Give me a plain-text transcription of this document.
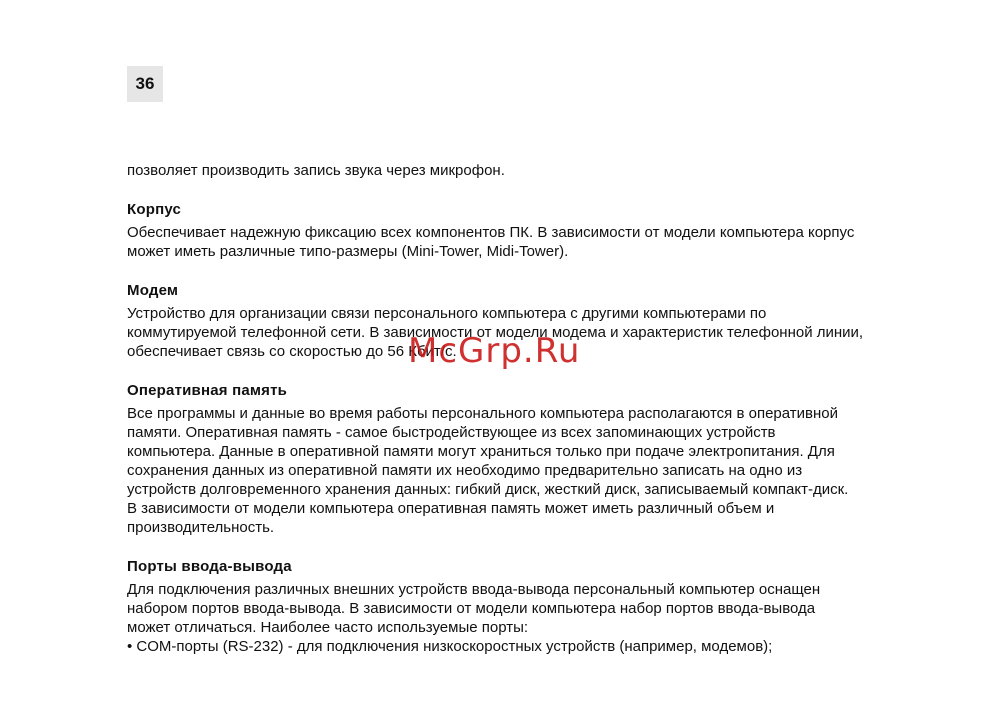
36

позволяет производить запись звука через микрофон.

Корпус

Обеспечивает надежную фиксацию всех компонентов ПК. В зависимости от модели компьютера корпус
может иметь различные типо-размеры (Mini-Tower, Midi-Tower).

Модем

Устройство для организации связи персонального компьютера с другими компьютерами по
коммутируемой телефонной сети. В зависимости от модели модема и характеристик телефонной линии,
обеспечивает связь со скоростью до 56 Кбит/с.

Оперативная память

Все программы и данные во время работы персонального компьютера располагаются в оперативной
памяти. Оперативная память - самое быстродействующее из всех запоминающих устройств
компьютера. Данные в оперативной памяти могут храниться только при подаче электропитания. Для
сохранения данных из оперативной памяти их необходимо предварительно записать на одно из
устройств долговременного хранения данных: гибкий диск, жесткий диск, записываемый компакт-диск.
В зависимости от модели компьютера оперативная память может иметь различный объем и
производительность.

Порты ввода-вывода

Для подключения различных внешних устройств ввода-вывода персональный компьютер оснащен
набором портов ввода-вывода. В зависимости от модели компьютера набор портов ввода-вывода
может отличаться. Наиболее часто используемые порты:
• COM-порты (RS-232) - для подключения низкоскоростных устройств (например, модемов);

McGrp.Ru
